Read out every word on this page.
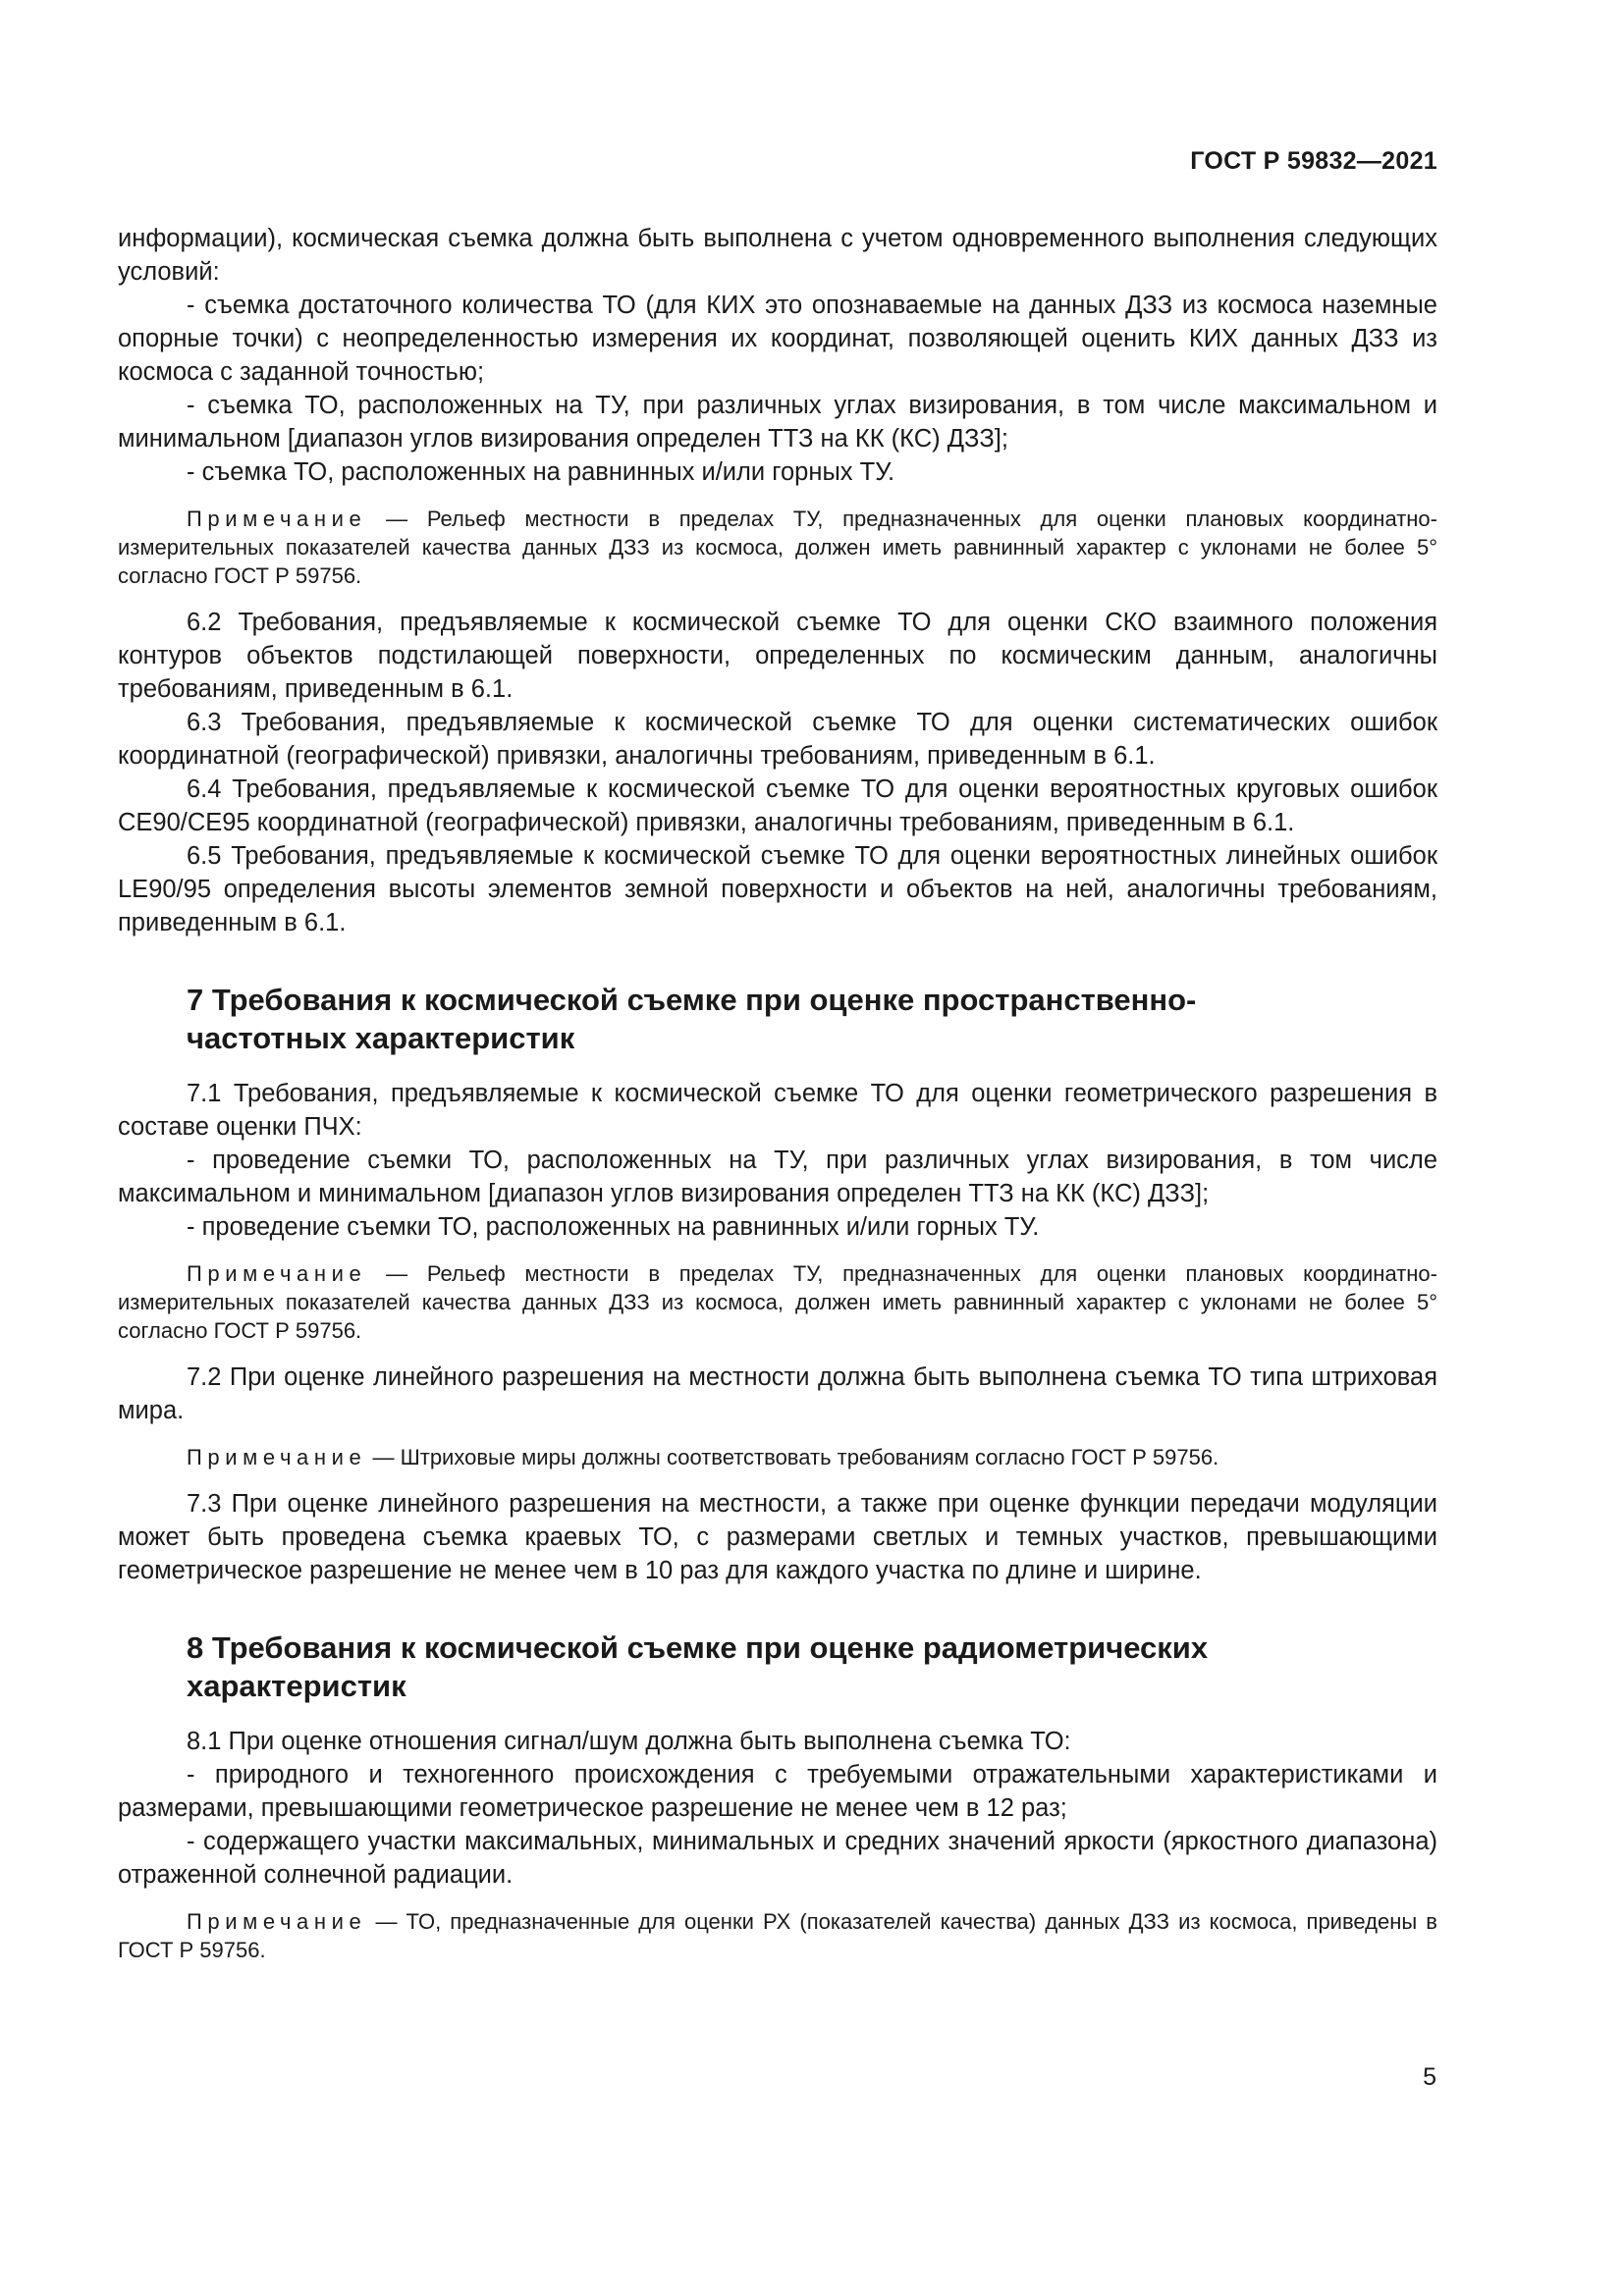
ГОСТ Р 59832—2021

информации), космическая съемка должна быть выполнена с учетом одновременного выполнения следующих условий:

- съемка достаточного количества ТО (для КИХ это опознаваемые на данных ДЗЗ из космоса наземные опорные точки) с неопределенностью измерения их координат, позволяющей оценить КИХ данных ДЗЗ из космоса с заданной точностью;

- съемка ТО, расположенных на ТУ, при различных углах визирования, в том числе максимальном и минимальном [диапазон углов визирования определен ТТЗ на КК (КС) ДЗЗ];

- съемка ТО, расположенных на равнинных и/или горных ТУ.

Примечание — Рельеф местности в пределах ТУ, предназначенных для оценки плановых координатно-измерительных показателей качества данных ДЗЗ из космоса, должен иметь равнинный характер с уклонами не более 5° согласно ГОСТ Р 59756.

6.2 Требования, предъявляемые к космической съемке ТО для оценки СКО взаимного положения контуров объектов подстилающей поверхности, определенных по космическим данным, аналогичны требованиям, приведенным в 6.1.

6.3 Требования, предъявляемые к космической съемке ТО для оценки систематических ошибок координатной (географической) привязки, аналогичны требованиям, приведенным в 6.1.

6.4 Требования, предъявляемые к космической съемке ТО для оценки вероятностных круговых ошибок CE90/CE95 координатной (географической) привязки, аналогичны требованиям, приведенным в 6.1.

6.5 Требования, предъявляемые к космической съемке ТО для оценки вероятностных линейных ошибок LE90/95 определения высоты элементов земной поверхности и объектов на ней, аналогичны требованиям, приведенным в 6.1.

7 Требования к космической съемке при оценке пространственно-
частотных характеристик

7.1 Требования, предъявляемые к космической съемке ТО для оценки геометрического разрешения в составе оценки ПЧХ:

- проведение съемки ТО, расположенных на ТУ, при различных углах визирования, в том числе максимальном и минимальном [диапазон углов визирования определен ТТЗ на КК (КС) ДЗЗ];

- проведение съемки ТО, расположенных на равнинных и/или горных ТУ.

Примечание — Рельеф местности в пределах ТУ, предназначенных для оценки плановых координатно-измерительных показателей качества данных ДЗЗ из космоса, должен иметь равнинный характер с уклонами не более 5° согласно ГОСТ Р 59756.

7.2 При оценке линейного разрешения на местности должна быть выполнена съемка ТО типа штриховая мира.

Примечание — Штриховые миры должны соответствовать требованиям согласно ГОСТ Р 59756.

7.3 При оценке линейного разрешения на местности, а также при оценке функции передачи модуляции может быть проведена съемка краевых ТО, с размерами светлых и темных участков, превышающими геометрическое разрешение не менее чем в 10 раз для каждого участка по длине и ширине.

8 Требования к космической съемке при оценке радиометрических
характеристик

8.1 При оценке отношения сигнал/шум должна быть выполнена съемка ТО:

- природного и техногенного происхождения с требуемыми отражательными характеристиками и размерами, превышающими геометрическое разрешение не менее чем в 12 раз;

- содержащего участки максимальных, минимальных и средних значений яркости (яркостного диапазона) отраженной солнечной радиации.

Примечание — ТО, предназначенные для оценки РХ (показателей качества) данных ДЗЗ из космоса, приведены в ГОСТ Р 59756.
5
